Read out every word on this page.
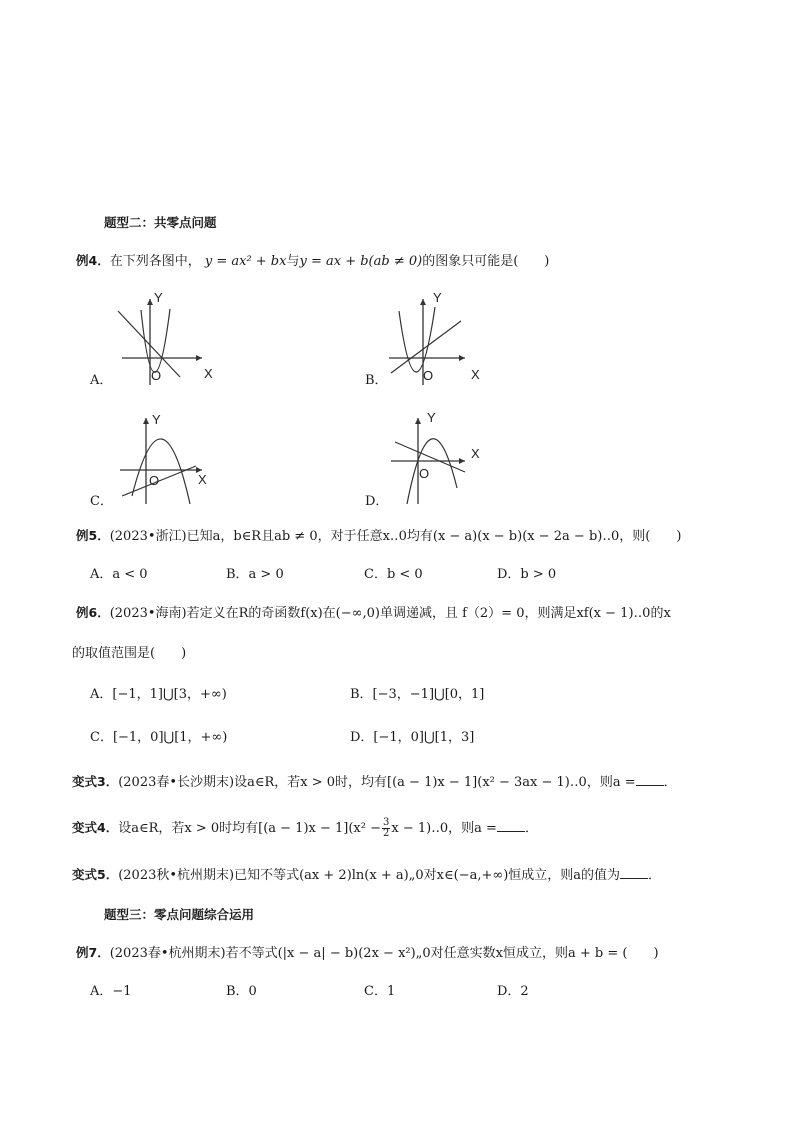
题型二：共零点问题
例4．在下列各图中， y = ax² + bx与y = ax + b(ab ≠ 0)的图象只可能是(　　)
A．	X
Y
O	B．	X
Y
O
C．
X
Y
O
D．
X
Y
O
例5．(2023•浙江)已知a，b∈R且ab ≠ 0，对于任意x‥0均有(x − a)(x − b)(x − 2a − b)‥0，则(　　)
A．a < 0	B．a > 0	C．b < 0	D．b > 0
例6．(2023•海南)若定义在R的奇函数f(x)在(−∞,0)单调递减，且 f（2）= 0，则满足xf(x − 1)‥0的x
的取值范围是(　　)
A．[−1，1]⋃[3，+∞)	B．[−3，−1]⋃[0，1]
C．[−1，0]⋃[1，+∞)	D．[−1，0]⋃[1，3]
变式3．(2023春•长沙期末)设a∈R，若x > 0时，均有[(a − 1)x − 1](x² − 3ax − 1)‥0，则a = ．
变式4．设a∈R，若x > 0时均有$[(a - 1)x - 1](x^2 - \frac{3}{2}$ x − 1)‥0，则a = ．
变式5．(2023秋•杭州期末)已知不等式(ax + 2)ln(x + a)„0对x∈(−a,+∞)恒成立，则a的值为 ．
题型三：零点问题综合运用
例7．(2023春•杭州期末)若不等式(|x − a| − b)(2x − x²)„0对任意实数x恒成立，则a + b = (　　)
A．−1	B．0	C．1	D．2
